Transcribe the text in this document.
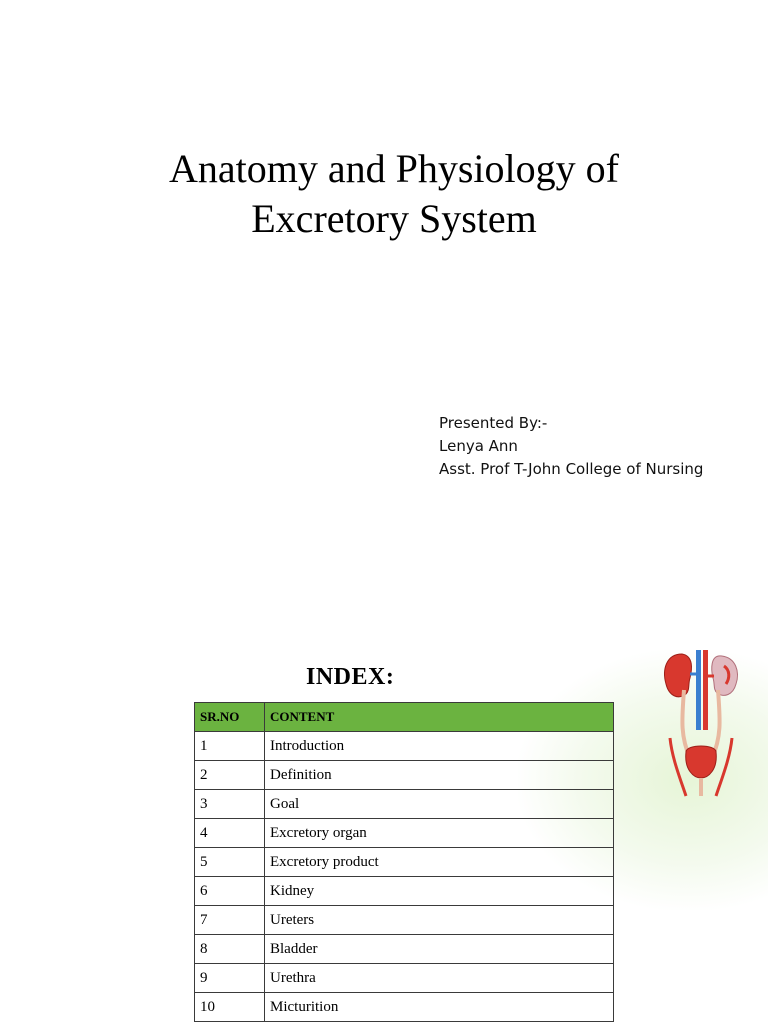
Anatomy and Physiology of
Excretory System
Presented By:-
Lenya Ann
Asst. Prof T-John College of Nursing
INDEX:
SR.NO	CONTENT
1	Introduction
2	Definition
3	Goal
4	Excretory organ
5	Excretory product
6	Kidney
7	Ureters
8	Bladder
9	Urethra
10	Micturition
